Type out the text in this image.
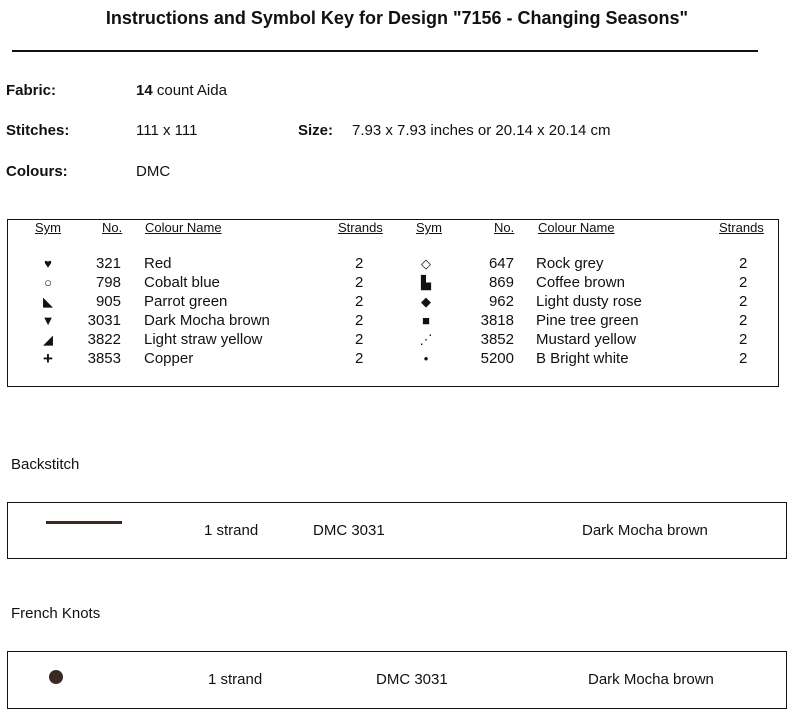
Instructions and Symbol Key for Design "7156 - Changing Seasons"
Fabric:	14 count Aida
Stitches:	111 x 111	Size: 7.93 x 7.93 inches or 20.14 x 20.14 cm
Colours:	DMC
Sym	No. Colour Name	Strands	Sym	No. Colour Name	Strands
♥	321 Red	2	◇	647 Rock grey	2
○	798 Cobalt blue	2	▙	869 Coffee brown	2
◣	905 Parrot green	2	◆	962 Light dusty rose	2
▼	3031 Dark Mocha brown	2	■	3818 Pine tree green	2
◢	3822 Light straw yellow	2	⋰	3852 Mustard yellow	2
+	3853 Copper	2	•	5200 B Bright white	2
Backstitch
1 strand	DMC 3031	Dark Mocha brown
French Knots
1 strand	DMC 3031	Dark Mocha brown
